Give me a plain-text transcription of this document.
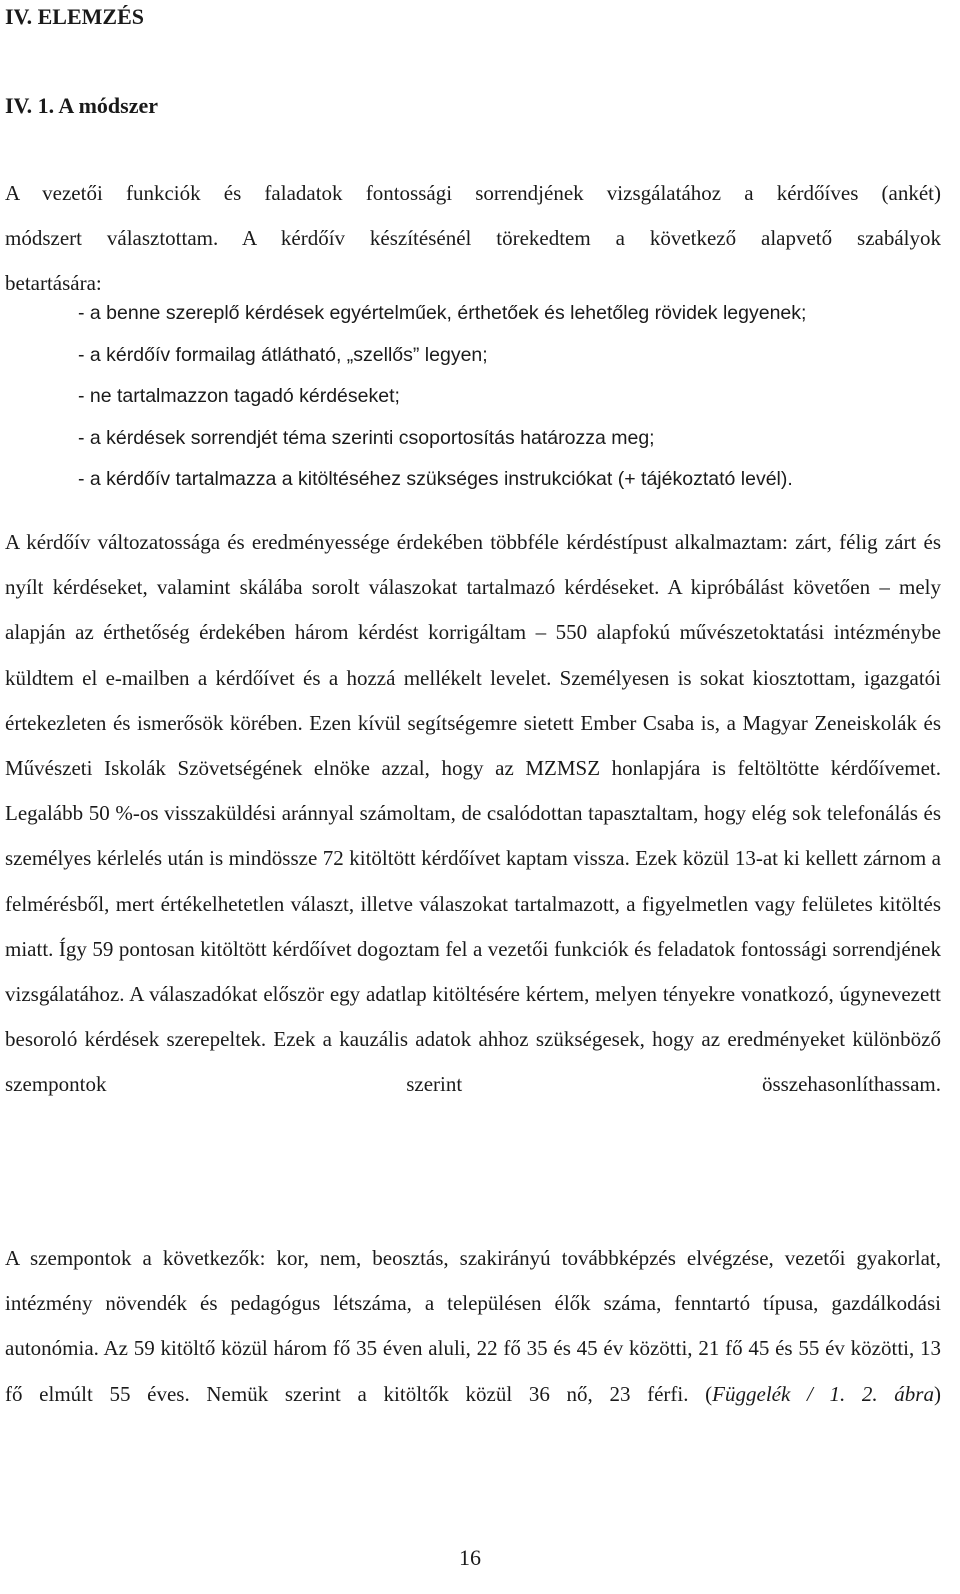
IV. ELEMZÉS
IV. 1. A módszer

A vezetői funkciók és faladatok fontossági sorrendjének vizsgálatához a kérdőíves (ankét)
módszert választottam. A kérdőív készítésénél törekedtem a következő alapvető szabályok
betartására:

- a benne szereplő kérdések egyértelműek, érthetőek és lehetőleg rövidek legyenek;
- a kérdőív formailag átlátható, „szellős” legyen;
- ne tartalmazzon tagadó kérdéseket;
- a kérdések sorrendjét téma szerinti csoportosítás határozza meg;
- a kérdőív tartalmazza a kitöltéséhez szükséges instrukciókat (+ tájékoztató levél).

A kérdőív változatossága és eredményessége érdekében többféle kérdéstípust alkalmaztam: zárt, félig zárt és nyílt kérdéseket, valamint skálába sorolt válaszokat tartalmazó kérdéseket. A kipróbálást követően – mely alapján az érthetőség érdekében három kérdést korrigáltam – 550 alapfokú művészetoktatási intézménybe küldtem el e-mailben a kérdőívet és a hozzá mellékelt levelet. Személyesen is sokat kiosztottam, igazgatói értekezleten és ismerősök körében. Ezen kívül segítségemre sietett Ember Csaba is, a Magyar Zeneiskolák és Művészeti Iskolák Szövetségének elnöke azzal, hogy az MZMSZ honlapjára is feltöltötte kérdőívemet. Legalább 50 %-os visszaküldési aránnyal számoltam, de csalódottan tapasztaltam, hogy elég sok telefonálás és személyes kérlelés után is mindössze 72 kitöltött kérdőívet kaptam vissza. Ezek közül 13-at ki kellett zárnom a felmérésből, mert értékelhetetlen választ, illetve válaszokat tartalmazott, a figyelmetlen vagy felületes kitöltés miatt. Így 59 pontosan kitöltött kérdőívet dogoztam fel a vezetői funkciók és feladatok fontossági sorrendjének vizsgálatához. A válaszadókat először egy adatlap kitöltésére kértem, melyen tényekre vonatkozó, úgynevezett besoroló kérdések szerepeltek. Ezek a kauzális adatok ahhoz szükségesek, hogy az eredményeket különböző szempontok szerint összehasonlíthassam.

A szempontok a következők: kor, nem, beosztás, szakirányú továbbképzés elvégzése, vezetői gyakorlat, intézmény növendék és pedagógus létszáma, a településen élők száma, fenntartó típusa, gazdálkodási autonómia. Az 59 kitöltő közül három fő 35 éven aluli, 22 fő 35 és 45 év közötti, 21 fő 45 és 55 év közötti, 13 fő elmúlt 55 éves. Nemük szerint a kitöltők közül 36 nő, 23 férfi. (Függelék / 1. 2. ábra)

16
